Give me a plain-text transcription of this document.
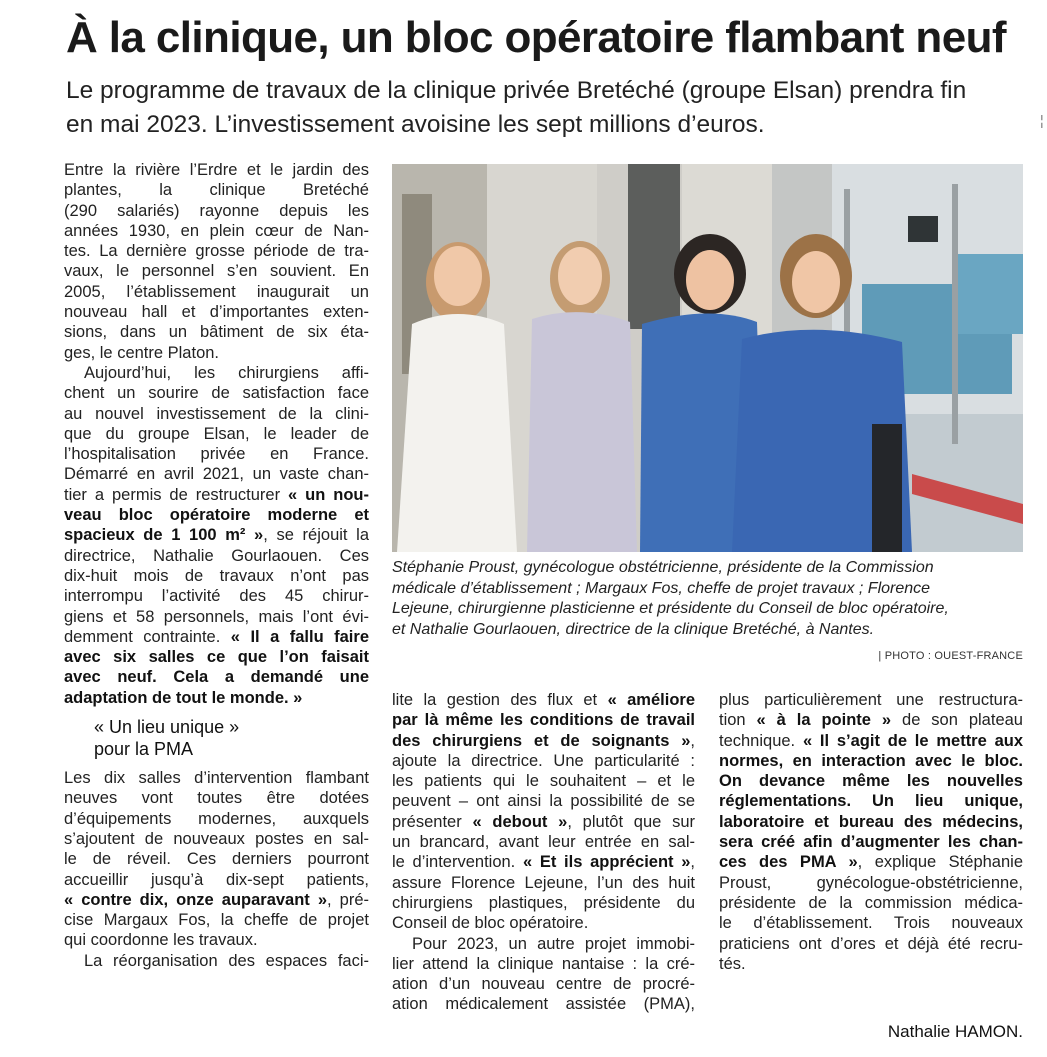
À la clinique, un bloc opératoire flambant neuf
Le programme de travaux de la clinique privée Bretéché (groupe Elsan) prendra fin
en mai 2023. L’investissement avoisine les sept millions d’euros.	¦
Entre la rivière l’Erdre et le jardin des
plantes, la clinique Bretéché
(290 salariés) rayonne depuis les
années 1930, en plein cœur de Nan-
tes. La dernière grosse période de tra-
vaux, le personnel s’en souvient. En
2005, l’établissement inaugurait un
nouveau hall et d’importantes exten-
sions, dans un bâtiment de six éta-
ges, le centre Platon.
Aujourd’hui, les chirurgiens affi-
chent un sourire de satisfaction face
au nouvel investissement de la clini-
que du groupe Elsan, le leader de
l’hospitalisation privée en France.
Démarré en avril 2021, un vaste chan-
tier a permis de restructurer « un nou-
veau bloc opératoire moderne et
spacieux de 1 100 m² », se réjouit la
directrice, Nathalie Gourlaouen. Ces
dix-huit mois de travaux n’ont pas
interrompu l’activité des 45 chirur-
giens et 58 personnels, mais l’ont évi-
demment contrainte. « Il a fallu faire
avec six salles ce que l’on faisait
avec neuf. Cela a demandé une
adaptation de tout le monde. »
« Un lieu unique »
pour la PMA
Les dix salles d’intervention flambant
neuves vont toutes être dotées
d’équipements modernes, auxquels
s’ajoutent de nouveaux postes en sal-
le de réveil. Ces derniers pourront
accueillir jusqu’à dix-sept patients,
« contre dix, onze auparavant », pré-
cise Margaux Fos, la cheffe de projet
qui coordonne les travaux.
La réorganisation des espaces faci-
Stéphanie Proust, gynécologue obstétricienne, présidente de la Commission
médicale d’établissement ; Margaux Fos, cheffe de projet travaux ; Florence
Lejeune, chirurgienne plasticienne et présidente du Conseil de bloc opératoire,
et Nathalie Gourlaouen, directrice de la clinique Bretéché, à Nantes.
| PHOTO : OUEST-FRANCE
lite la gestion des flux et « améliore
par là même les conditions de travail
des chirurgiens et de soignants »,
ajoute la directrice. Une particularité :
les patients qui le souhaitent – et le
peuvent – ont ainsi la possibilité de se
présenter « debout », plutôt que sur
un brancard, avant leur entrée en sal-
le d’intervention. « Et ils apprécient »,
assure Florence Lejeune, l’un des huit
chirurgiens plastiques, présidente du
Conseil de bloc opératoire.
Pour 2023, un autre projet immobi-
lier attend la clinique nantaise : la cré-
ation d’un nouveau centre de procré-
ation médicalement assistée (PMA),
plus particulièrement une restructura-
tion « à la pointe » de son plateau
technique. « Il s’agit de le mettre aux
normes, en interaction avec le bloc.
On devance même les nouvelles
réglementations. Un lieu unique,
laboratoire et bureau des médecins,
sera créé afin d’augmenter les chan-
ces des PMA », explique Stéphanie
Proust, gynécologue-obstétricienne,
présidente de la commission médica-
le d’établissement. Trois nouveaux
praticiens ont d’ores et déjà été recru-
tés.
Nathalie HAMON.
